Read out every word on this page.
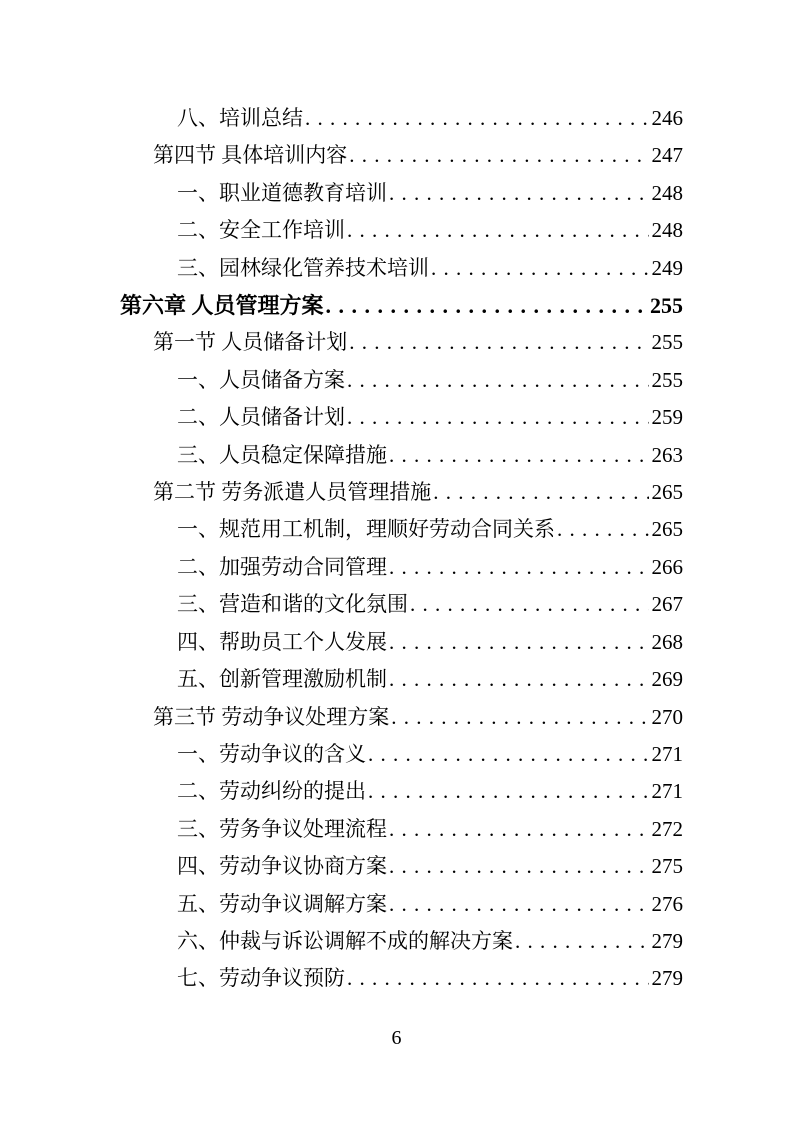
八、培训总结 . . .	246
第四节 具体培训内容 . . .	247
一、职业道德教育培训 . . .	248
二、安全工作培训 . . .	248
三、园林绿化管养技术培训 . . .	249
第六章 人员管理方案 . . .	255
第一节 人员储备计划 . . .	255
一、人员储备方案 . . .	255
二、人员储备计划 . . .	259
三、人员稳定保障措施 . . .	263
第二节 劳务派遣人员管理措施 . . .	265
一、规范用工机制，理顺好劳动合同关系 . . .	265
二、加强劳动合同管理 . . .	266
三、营造和谐的文化氛围 . . .	267
四、帮助员工个人发展 . . .	268
五、创新管理激励机制 . . .	269
第三节 劳动争议处理方案 . . .	270
一、劳动争议的含义 . . .	271
二、劳动纠纷的提出 . . .	271
三、劳务争议处理流程 . . .	272
四、劳动争议协商方案 . . .	275
五、劳动争议调解方案 . . .	276
六、仲裁与诉讼调解不成的解决方案 . . .	279
七、劳动争议预防 . . .	279
6
